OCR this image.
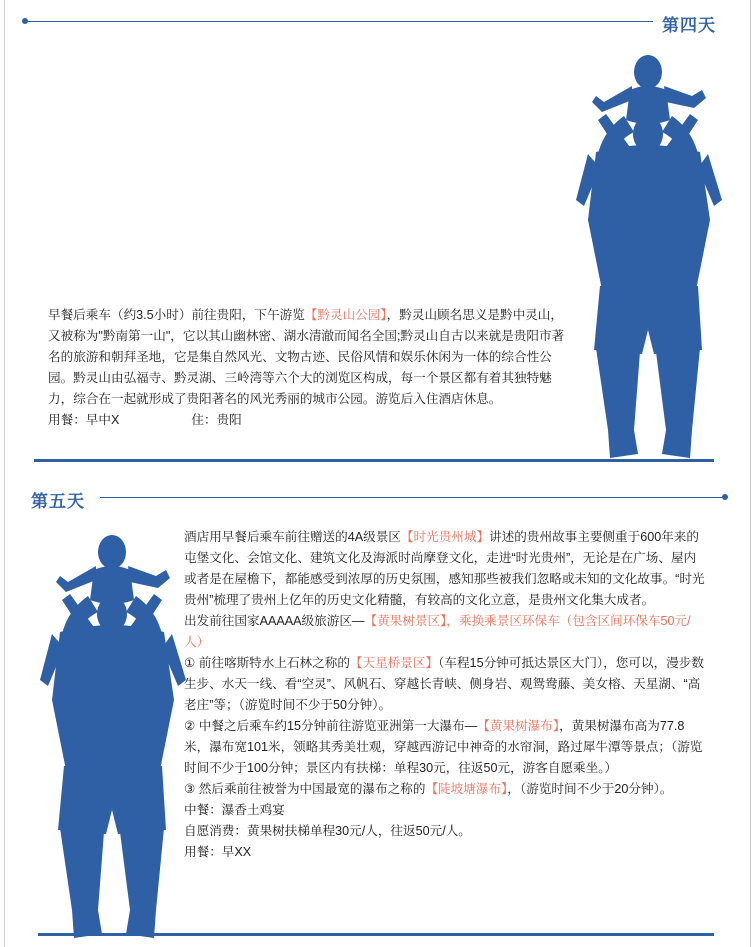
第四天

早餐后乘车（约3.5小时）前往贵阳，下午游览【黔灵山公园】，黔灵山顾名思义是黔中灵山，又被称为"黔南第一山"，它以其山幽林密、湖水清澈而闻名全国;黔灵山自古以来就是贵阳市著名的旅游和朝拜圣地，它是集自然风光、文物古迹、民俗风情和娱乐休闲为一体的综合性公园。黔灵山由弘福寺、黔灵湖、三岭湾等六个大的浏览区构成，每一个景区都有着其独特魅力，综合在一起就形成了贵阳著名的风光秀丽的城市公园。游览后入住酒店休息。

用餐：早中X	住：贵阳
第五天

酒店用早餐后乘车前往赠送的4A级景区【时光贵州城】讲述的贵州故事主要侧重于600年来的屯堡文化、会馆文化、建筑文化及海派时尚摩登文化，走进“时光贵州”，无论是在广场、屋内或者是在屋檐下，都能感受到浓厚的历史氛围，感知那些被我们忽略或未知的文化故事。“时光贵州”梳理了贵州上亿年的历史文化精髓，有较高的文化立意，是贵州文化集大成者。

出发前往国家AAAAA级旅游区—【黄果树景区】，乘换乘景区环保车（包含区间环保车50元/人）

① 前往喀斯特水上石林之称的【天星桥景区】（车程15分钟可抵达景区大门），您可以，漫步数生步、水天一线、看“空灵”、风帆石、穿越长青峡、侧身岩、观鸳鸯藤、美女榕、天星湖、“高老庄”等；（游览时间不少于50分钟）。

② 中餐之后乘车约15分钟前往游览亚洲第一大瀑布—【黄果树瀑布】，黄果树瀑布高为77.8米，瀑布宽101米，领略其秀美壮观，穿越西游记中神奇的水帘洞，路过犀牛潭等景点；（游览时间不少于100分钟；景区内有扶梯：单程30元，往返50元，游客自愿乘坐。）

③ 然后乘前往被誉为中国最宽的瀑布之称的【陡坡塘瀑布】，（游览时间不少于20分钟）。

中餐：瀑香土鸡宴

自愿消费：黄果树扶梯单程30元/人，往返50元/人。

用餐：早XX
